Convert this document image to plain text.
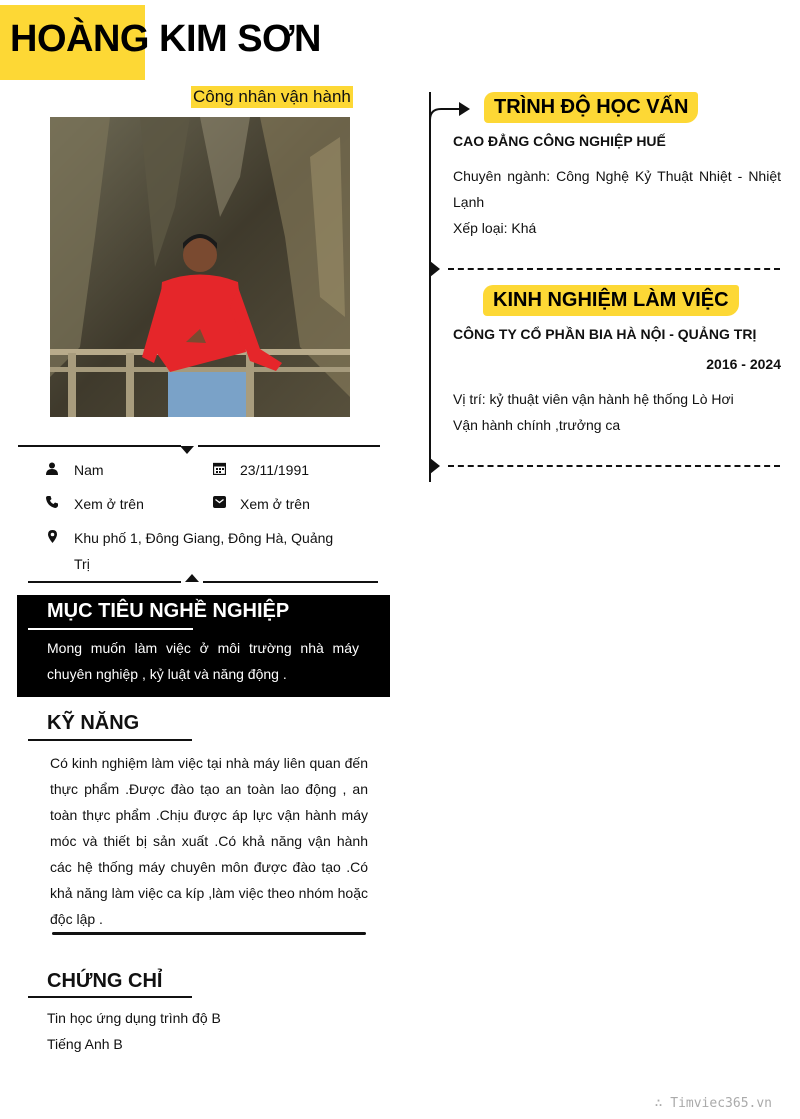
HOÀNG KIM SƠN
Công nhân vận hành
Nam	23/11/1991
Xem ở trên	Xem ở trên
Khu phố 1, Đông Giang, Đông Hà, Quảng Trị
MỤC TIÊU NGHỀ NGHIỆP
Mong muốn làm việc ở môi trường nhà máy chuyên nghiệp , kỷ luật và năng động .
KỸ NĂNG
Có kinh nghiệm làm việc tại nhà máy liên quan đến thực phẩm .Được đào tạo an toàn lao động , an toàn thực phẩm .Chịu được áp lực vận hành máy móc và thiết bị sản xuất .Có khả năng vận hành các hệ thống máy chuyên môn được đào tạo .Có khả năng làm việc ca kíp ,làm việc theo nhóm hoặc độc lập .
CHỨNG CHỈ
Tin học ứng dụng trình độ B
Tiếng Anh B
TRÌNH ĐỘ HỌC VẤN
CAO ĐẲNG CÔNG NGHIỆP HUẾ
Chuyên ngành: Công Nghệ Kỷ Thuật Nhiệt - Nhiệt Lạnh
Xếp loại: Khá
KINH NGHIỆM LÀM VIỆC
CÔNG TY CỔ PHẦN BIA HÀ NỘI - QUẢNG TRỊ
2016 - 2024
Vị trí: kỷ thuật viên vận hành hệ thống Lò Hơi
Vận hành chính ,trưởng ca
∴ Timviec365.vn
